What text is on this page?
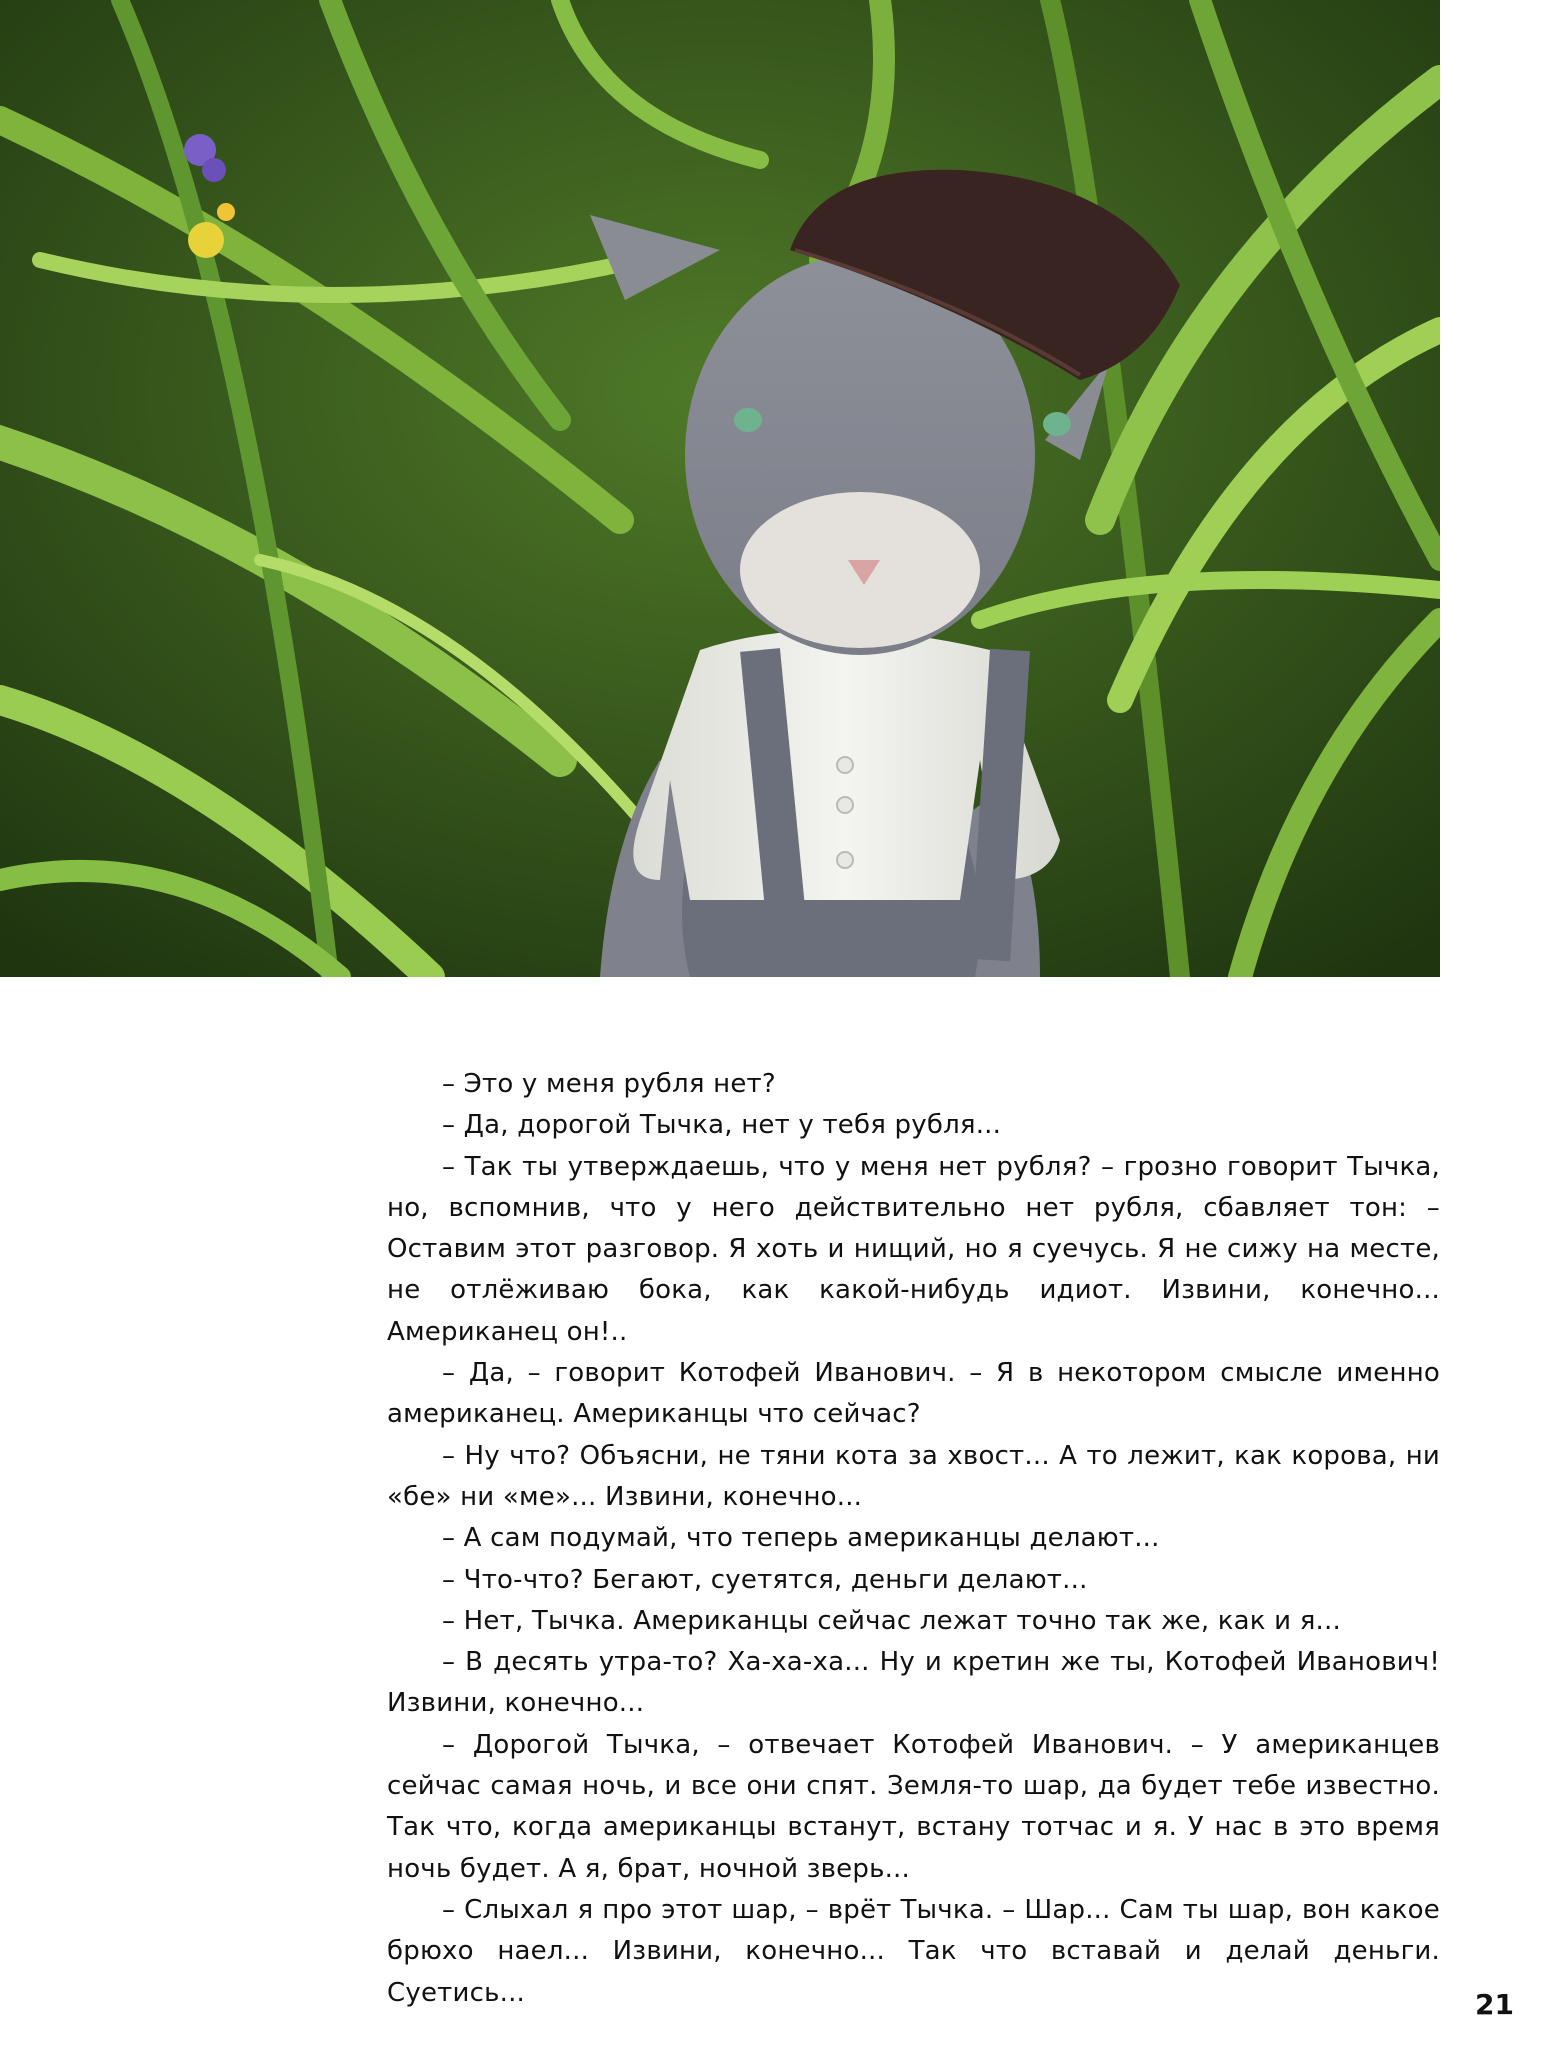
– Это у меня рубля нет?

– Да, дорогой Тычка, нет у тебя рубля...

– Так ты утверждаешь, что у меня нет рубля? – грозно говорит Тычка, но, вспомнив, что у него действительно нет рубля, сбавляет тон: – Оставим этот разговор. Я хоть и нищий, но я суечусь. Я не сижу на месте, не отлёживаю бока, как какой-нибудь идиот. Извини, конечно... Американец он!..

– Да, – говорит Котофей Иванович. – Я в некотором смысле именно американец. Американцы что сейчас?

– Ну что? Объясни, не тяни кота за хвост... А то лежит, как корова, ни «бе» ни «ме»... Извини, конечно...

– А сам подумай, что теперь американцы делают...

– Что-что? Бегают, суетятся, деньги делают...

– Нет, Тычка. Американцы сейчас лежат точно так же, как и я...

– В десять утра-то? Ха-ха-ха... Ну и кретин же ты, Котофей Иванович! Извини, конечно...

– Дорогой Тычка, – отвечает Котофей Иванович. – У американцев сейчас самая ночь, и все они спят. Земля-то шар, да будет тебе известно. Так что, когда американцы встанут, встану тотчас и я. У нас в это время ночь будет. А я, брат, ночной зверь...

– Слыхал я про этот шар, – врёт Тычка. – Шар... Сам ты шар, вон какое брюхо наел... Извини, конечно... Так что вставай и делай деньги. Суетись...	21
